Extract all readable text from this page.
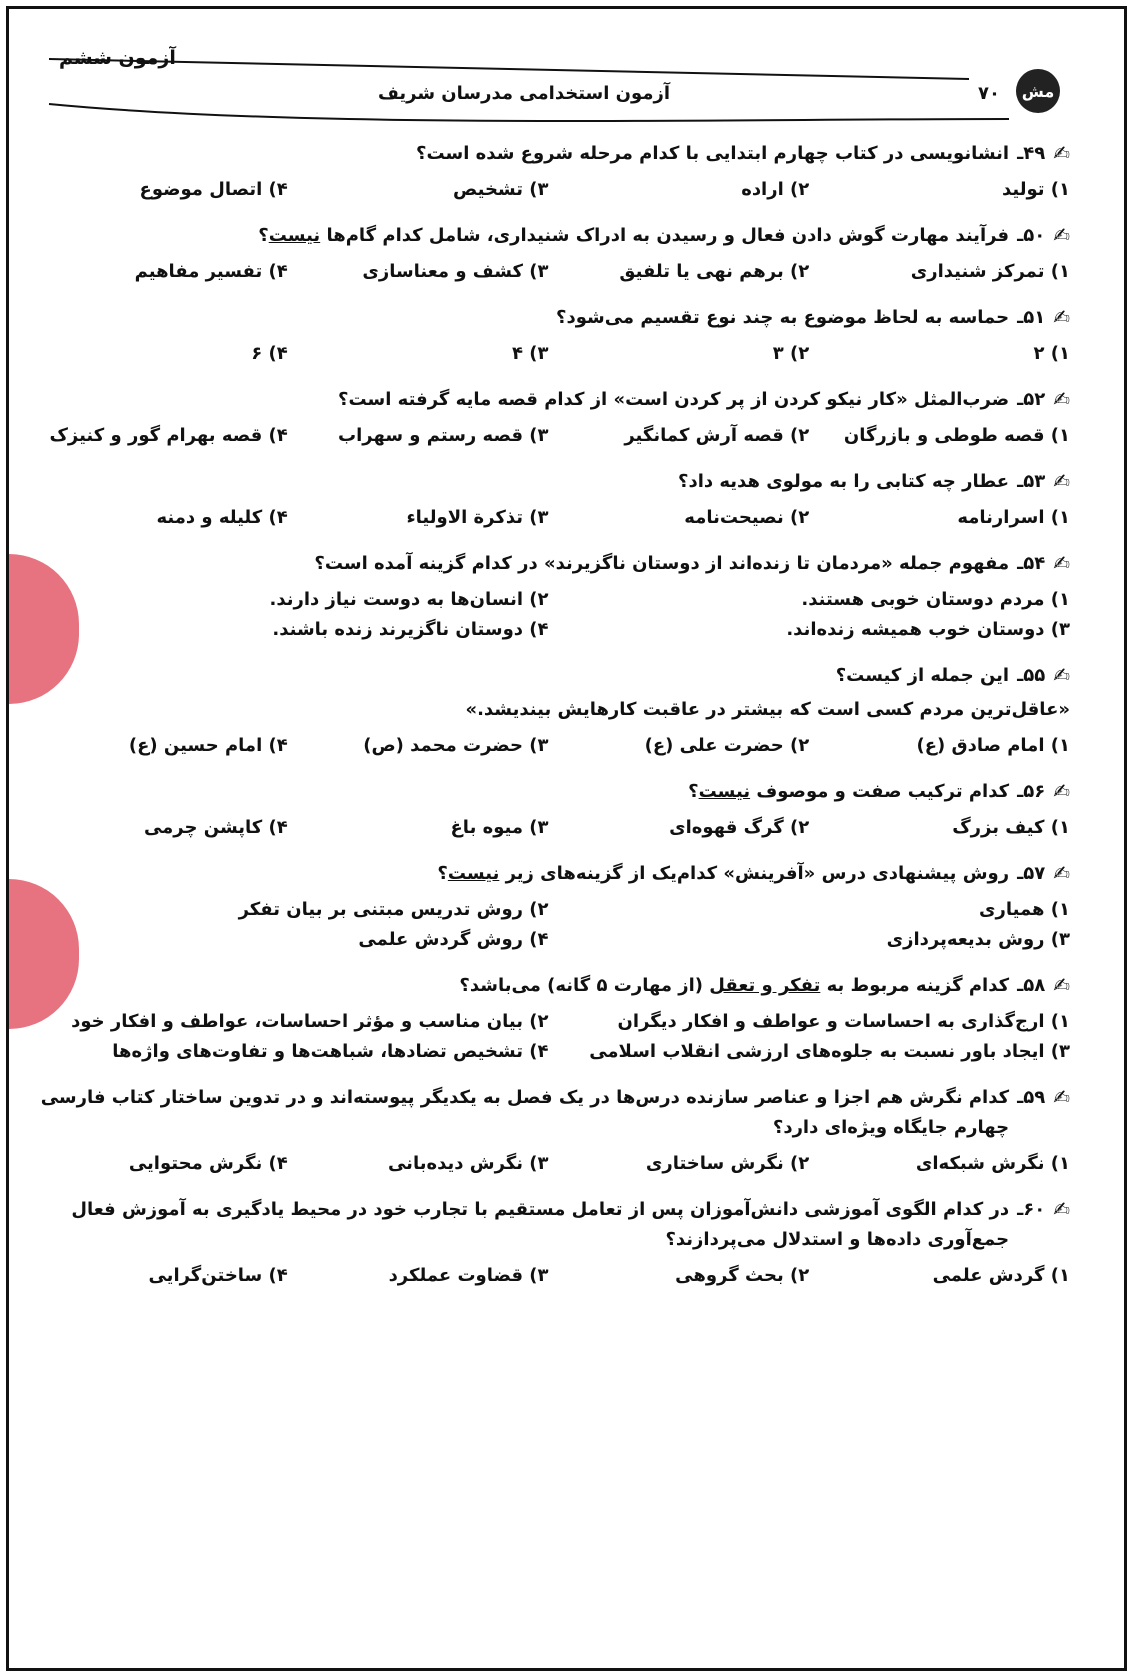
آزمون ششم
آزمون استخدامی مدرسان شریف	۷۰	مش
✍
۴۹ـ
انشانویسی در کتاب چهارم ابتدایی با کدام مرحله شروع شده است؟
۱) تولید
۲) اراده
۳) تشخیص
۴) اتصال موضوع
✍
۵۰ـ
فرآیند مهارت گوش دادن فعال و رسیدن به ادراک شنیداری، شامل کدام گام‌ها نیست؟
۱) تمرکز شنیداری
۲) برهم نهی یا تلفیق
۳) کشف و معناسازی
۴) تفسیر مفاهیم
✍
۵۱ـ
حماسه به لحاظ موضوع به چند نوع تقسیم می‌شود؟
۱) ۲
۲) ۳
۳) ۴
۴) ۶
✍
۵۲ـ
ضرب‌المثل «کار نیکو کردن از پر کردن است» از کدام قصه مایه گرفته است؟
۱) قصه طوطی و بازرگان
۲) قصه آرش کمانگیر
۳) قصه رستم و سهراب
۴) قصه بهرام گور و کنیزک
✍
۵۳ـ
عطار چه کتابی را به مولوی هدیه داد؟
۱) اسرارنامه
۲) نصیحت‌نامه
۳) تذکرة الاولیاء
۴) کلیله و دمنه
✍
۵۴ـ
مفهوم جمله «مردمان تا زنده‌اند از دوستان ناگزیرند» در کدام گزینه آمده است؟
۱) مردم دوستان خوبی هستند.
۲) انسان‌ها به دوست نیاز دارند.
۳) دوستان خوب همیشه زنده‌اند.
۴) دوستان ناگزیرند زنده باشند.
✍
۵۵ـ
این جمله از کیست؟
«عاقل‌ترین مردم کسی است که بیشتر در عاقبت کارهایش بیندیشد.»
۱) امام صادق (ع)
۲) حضرت علی (ع)
۳) حضرت محمد (ص)
۴) امام حسین (ع)
✍
۵۶ـ
کدام ترکیب صفت و موصوف نیست؟
۱) کیف بزرگ
۲) گرگ قهوه‌ای
۳) میوه باغ
۴) کاپشن چرمی
✍
۵۷ـ
روش پیشنهادی درس «آفرینش» کدام‌یک از گزینه‌های زیر نیست؟
۱) همیاری
۲) روش تدریس مبتنی بر بیان تفکر
۳) روش بدیعه‌پردازی
۴) روش گردش علمی
✍
۵۸ـ
کدام گزینه مربوط به تفکر و تعقل (از مهارت ۵ گانه) می‌باشد؟
۱) ارج‌گذاری به احساسات و عواطف و افکار دیگران
۲) بیان مناسب و مؤثر احساسات، عواطف و افکار خود
۳) ایجاد باور نسبت به جلوه‌های ارزشی انقلاب اسلامی
۴) تشخیص تضادها، شباهت‌ها و تفاوت‌های واژه‌ها
✍
۵۹ـ
کدام نگرش هم اجزا و عناصر سازنده درس‌ها در یک فصل به یکدیگر پیوسته‌اند و در تدوین ساختار کتاب فارسی چهارم جایگاه ویژه‌ای دارد؟
۱) نگرش شبکه‌ای
۲) نگرش ساختاری
۳) نگرش دیده‌بانی
۴) نگرش محتوایی
✍
۶۰ـ
در کدام الگوی آموزشی دانش‌آموزان پس از تعامل مستقیم با تجارب خود در محیط یادگیری به آموزش فعال جمع‌آوری داده‌ها و استدلال می‌پردازند؟
۱) گردش علمی
۲) بحث گروهی
۳) قضاوت عملکرد
۴) ساختن‌گرایی
